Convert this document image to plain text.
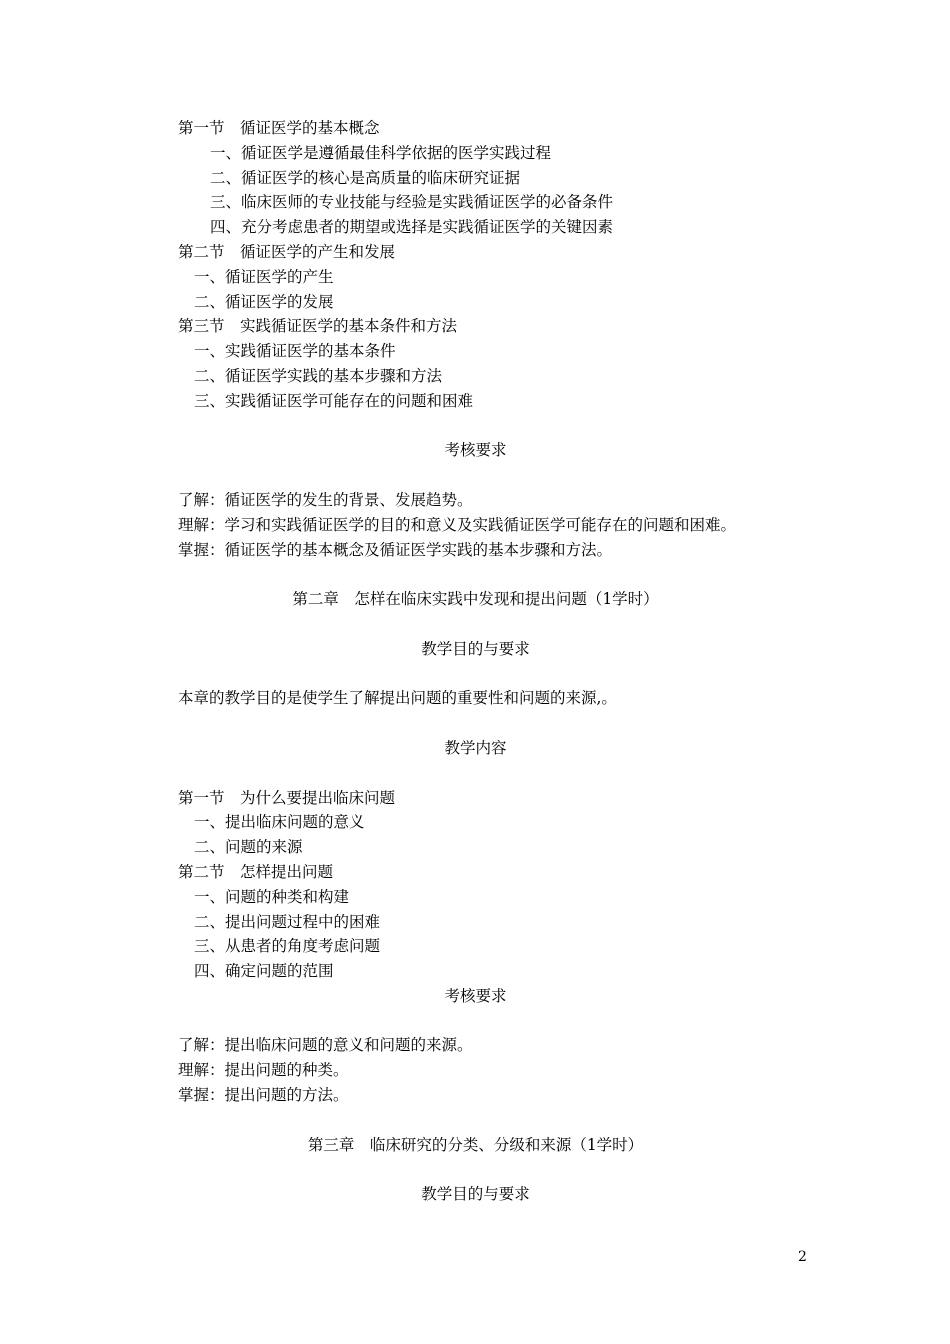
第一节　循证医学的基本概念
一、循证医学是遵循最佳科学依据的医学实践过程
二、循证医学的核心是高质量的临床研究证据
三、临床医师的专业技能与经验是实践循证医学的必备条件
四、充分考虑患者的期望或选择是实践循证医学的关键因素
第二节　循证医学的产生和发展
一、循证医学的产生
二、循证医学的发展
第三节　实践循证医学的基本条件和方法
一、实践循证医学的基本条件
二、循证医学实践的基本步骤和方法
三、实践循证医学可能存在的问题和困难
考核要求
了解：循证医学的发生的背景、发展趋势。
理解：学习和实践循证医学的目的和意义及实践循证医学可能存在的问题和困难。
掌握：循证医学的基本概念及循证医学实践的基本步骤和方法。
第二章　怎样在临床实践中发现和提出问题（1学时）
教学目的与要求
本章的教学目的是使学生了解提出问题的重要性和问题的来源,。
教学内容
第一节　为什么要提出临床问题
一、提出临床问题的意义
二、问题的来源
第二节　怎样提出问题
一、问题的种类和构建
二、提出问题过程中的困难
三、从患者的角度考虑问题
四、确定问题的范围
考核要求
了解：提出临床问题的意义和问题的来源。
理解：提出问题的种类。
掌握：提出问题的方法。
第三章　临床研究的分类、分级和来源（1学时）
教学目的与要求
2
